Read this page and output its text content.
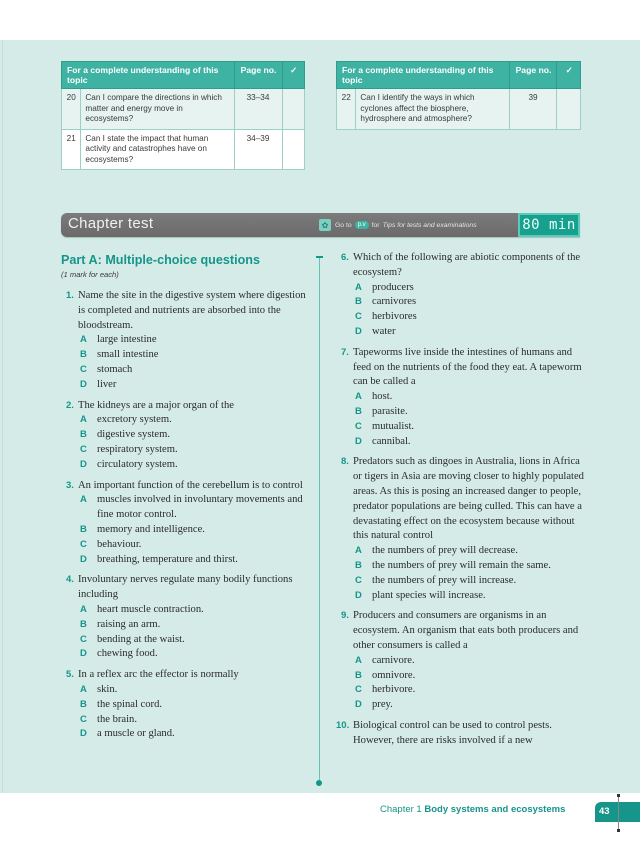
For a complete understanding of this topic		Page no.	✓
20	Can I compare the directions in which matter and energy move in ecosystems?	33–34	
21	Can I state the impact that human activity and catastrophes have on ecosystems?	34–39	
For a complete understanding of this topic		Page no.	✓
22	Can I identify the ways in which cyclones affect the biosphere, hydrosphere and atmosphere?	39	
Chapter test	✿ Go to	p.v for Tips for tests and examinations	80 min
Part A: Multiple-choice questions
(1 mark for each)
1. Name the site in the digestive system where digestion is completed and nutrients are absorbed into the bloodstream.
A large intestine
B small intestine
C stomach
D liver
2. The kidneys are a major organ of the
A excretory system.
B digestive system.
C respiratory system.
D circulatory system.
3. An important function of the cerebellum is to control
A muscles involved in involuntary movements and fine motor control.
B memory and intelligence.
C behaviour.
D breathing, temperature and thirst.
4. Involuntary nerves regulate many bodily functions including
A heart muscle contraction.
B raising an arm.
C bending at the waist.
D chewing food.
5. In a reflex arc the effector is normally
A skin.
B the spinal cord.
C the brain.
D a muscle or gland.
6. Which of the following are abiotic components of the ecosystem?
A producers
B carnivores
C herbivores
D water
7. Tapeworms live inside the intestines of humans and feed on the nutrients of the food they eat. A tapeworm can be called a
A host.
B parasite.
C mutualist.
D cannibal.
8. Predators such as dingoes in Australia, lions in Africa or tigers in Asia are moving closer to highly populated areas. As this is posing an increased danger to people, predator populations are being culled. This can have a devastating effect on the ecosystem because without this natural control
A the numbers of prey will decrease.
B the numbers of prey will remain the same.
C the numbers of prey will increase.
D plant species will increase.
9. Producers and consumers are organisms in an ecosystem. An organism that eats both producers and other consumers is called a
A carnivore.
B omnivore.
C herbivore.
D prey.
10. Biological control can be used to control pests. However, there are risks involved if a new
Chapter 1 Body systems and ecosystems	43
